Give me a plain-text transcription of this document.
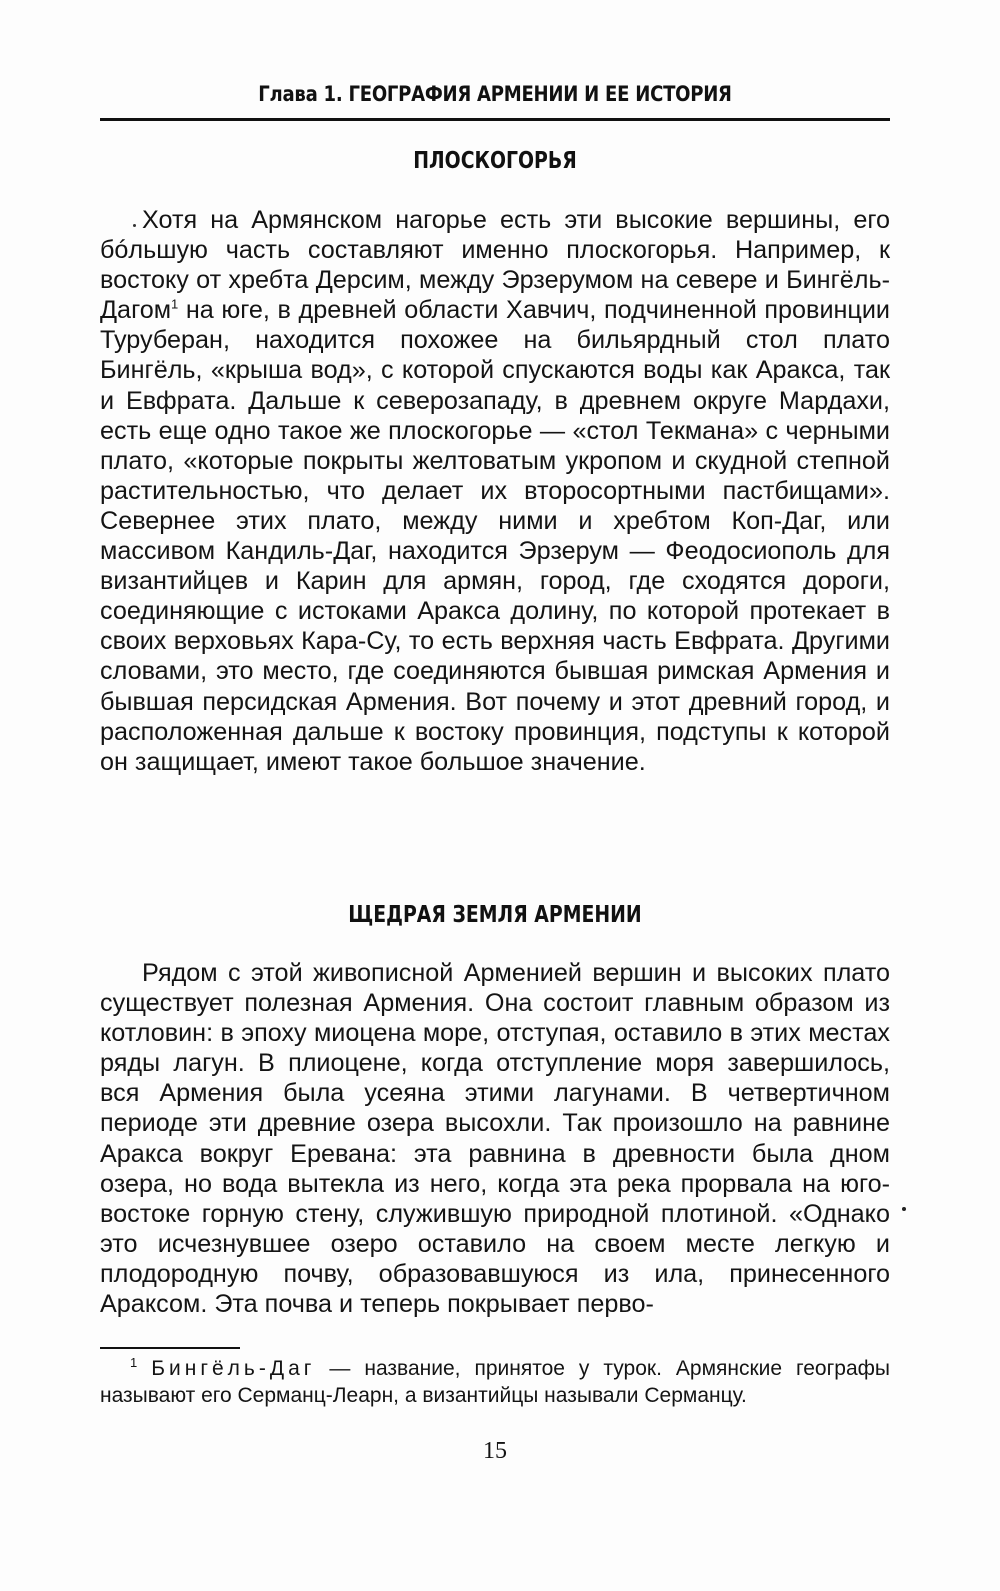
Глава 1. ГЕОГРАФИЯ АРМЕНИИ И ЕЕ ИСТОРИЯ
ПЛОСКОГОРЬЯ

Хотя на Армянском нагорье есть эти высокие вершины, его бóльшую часть составляют именно плоскогорья. Например, к востоку от хребта Дерсим, между Эрзерумом на севере и Бингёль-Дагом$^1$ на юге, в древней области Хавчич, подчиненной провинции Туруберан, находится похожее на бильярдный стол плато Бингёль, «крыша вод», с которой спускаются воды как Аракса, так и Евфрата. Дальше к северозападу, в древнем округе Мардахи, есть еще одно такое же плоскогорье — «стол Текмана» с черными плато, «которые покрыты желтоватым укропом и скудной степной растительностью, что делает их второсортными пастбищами». Севернее этих плато, между ними и хребтом Коп-Даг, или массивом Кандиль-Даг, находится Эрзерум — Феодосиополь для византийцев и Карин для армян, город, где сходятся дороги, соединяющие с истоками Аракса долину, по которой протекает в своих верховьях Кара-Су, то есть верхняя часть Евфрата. Другими словами, это место, где соединяются бывшая римская Армения и бывшая персидская Армения. Вот почему и этот древний город, и расположенная дальше к востоку провинция, подступы к которой он защищает, имеют такое большое значение.

ЩЕДРАЯ ЗЕМЛЯ АРМЕНИИ

Рядом с этой живописной Арменией вершин и высоких плато существует полезная Армения. Она состоит главным образом из котловин: в эпоху миоцена море, отступая, оставило в этих местах ряды лагун. В плиоцене, когда отступление моря завершилось, вся Армения была усеяна этими лагунами. В четвертичном периоде эти древние озера высохли. Так произошло на равнине Аракса вокруг Еревана: эта равнина в древности была дном озера, но вода вытекла из него, когда эта река прорвала на юго-востоке горную стену, служившую природной плотиной. «Однако это исчезнувшее озеро оставило на своем месте легкую и плодородную почву, образовавшуюся из ила, принесенного Араксом. Эта почва и теперь покрывает перво-

$^1$ Бингёль-Даг — название, принятое у турок. Армянские географы называют его Серманц-Леарн, а византийцы называли Серманцу.

15
